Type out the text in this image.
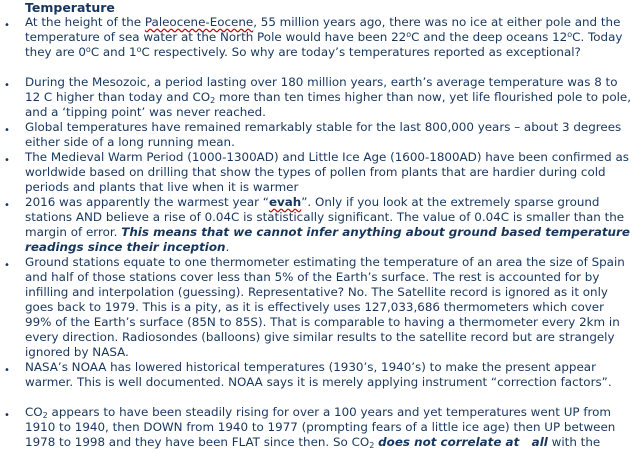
Temperature
• At the height of the Paleocene-Eocene, 55 million years ago, there was no ice at either pole and the temperature of sea water at the North Pole would have been 22$^o$C and the deep oceans 12$^o$C. Today they are 0$^o$C and 1$^o$C respectively. So why are today’s temperatures reported as exceptional?
• During the Mesozoic, a period lasting over 180 million years, earth’s average temperature was 8 to 12 C higher than today and $CO_2$ more than ten times higher than now, yet life flourished pole to pole, and a ‘tipping point’ was never reached.
• Global temperatures have remained remarkably stable for the last 800,000 years – about 3 degrees either side of a long running mean.
• The Medieval Warm Period (1000-1300AD) and Little Ice Age (1600-1800AD) have been confirmed as worldwide based on drilling that show the types of pollen from plants that are hardier during cold periods and plants that live when it is warmer
• 2016 was apparently the warmest year “evah”. Only if you look at the extremely sparse ground stations AND believe a rise of 0.04C is statistically significant. The value of 0.04C is smaller than the margin of error. This means that we cannot infer anything about ground based temperature readings since their inception.
• Ground stations equate to one thermometer estimating the temperature of an area the size of Spain and half of those stations cover less than 5% of the Earth’s surface. The rest is accounted for by infilling and interpolation (guessing). Representative? No. The Satellite record is ignored as it only goes back to 1979. This is a pity, as it is effectively uses 127,033,686 thermometers which cover 99% of the Earth’s surface (85N to 85S). That is comparable to having a thermometer every 2km in every direction. Radiosondes (balloons) give similar results to the satellite record but are strangely ignored by NASA.
• NASA’s NOAA has lowered historical temperatures (1930’s, 1940’s) to make the present appear warmer. This is well documented. NOAA says it is merely applying instrument “correction factors”.
• $CO_2$ appears to have been steadily rising for over a 100 years and yet temperatures went UP from 1910 to 1940, then DOWN from 1940 to 1977 (prompting fears of a little ice age) then UP between 1978 to 1998 and they have been FLAT since then. So $CO_2$ does not correlate at   all with the
